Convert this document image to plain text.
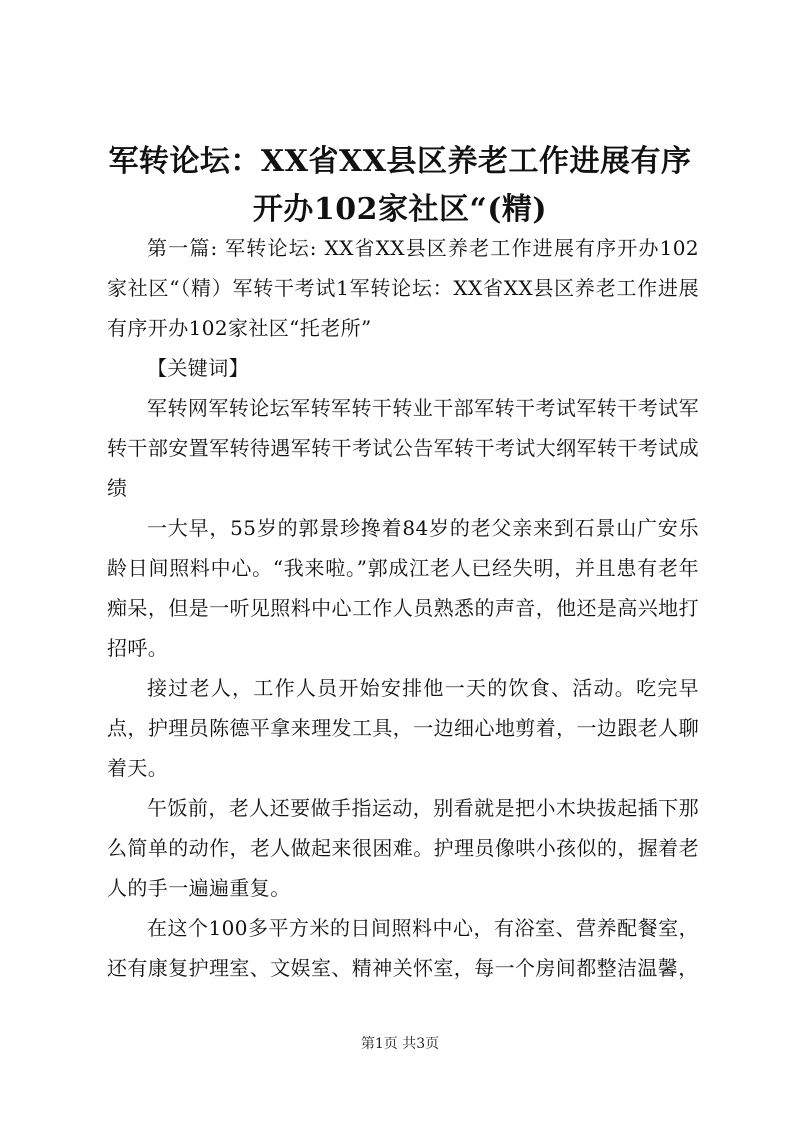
军转论坛：XX省XX县区养老工作进展有序开办102家社区“(精)

第一篇: 军转论坛: XX省XX县区养老工作进展有序开办102家社区“（精）军转干考试1军转论坛：XX省XX县区养老工作进展有序开办102家社区“托老所”

【关键词】

军转网军转论坛军转军转干转业干部军转干考试军转干考试军转干部安置军转待遇军转干考试公告军转干考试大纲军转干考试成绩

一大早，55岁的郭景珍搀着84岁的老父亲来到石景山广安乐龄日间照料中心。“我来啦。”郭成江老人已经失明，并且患有老年痴呆，但是一听见照料中心工作人员熟悉的声音，他还是高兴地打招呼。

接过老人，工作人员开始安排他一天的饮食、活动。吃完早点，护理员陈德平拿来理发工具，一边细心地剪着，一边跟老人聊着天。

午饭前，老人还要做手指运动，别看就是把小木块拔起插下那么简单的动作，老人做起来很困难。护理员像哄小孩似的，握着老人的手一遍遍重复。

在这个100多平方米的日间照料中心，有浴室、营养配餐室，还有康复护理室、文娱室、精神关怀室，每一个房间都整洁温馨，

第1页 共3页
